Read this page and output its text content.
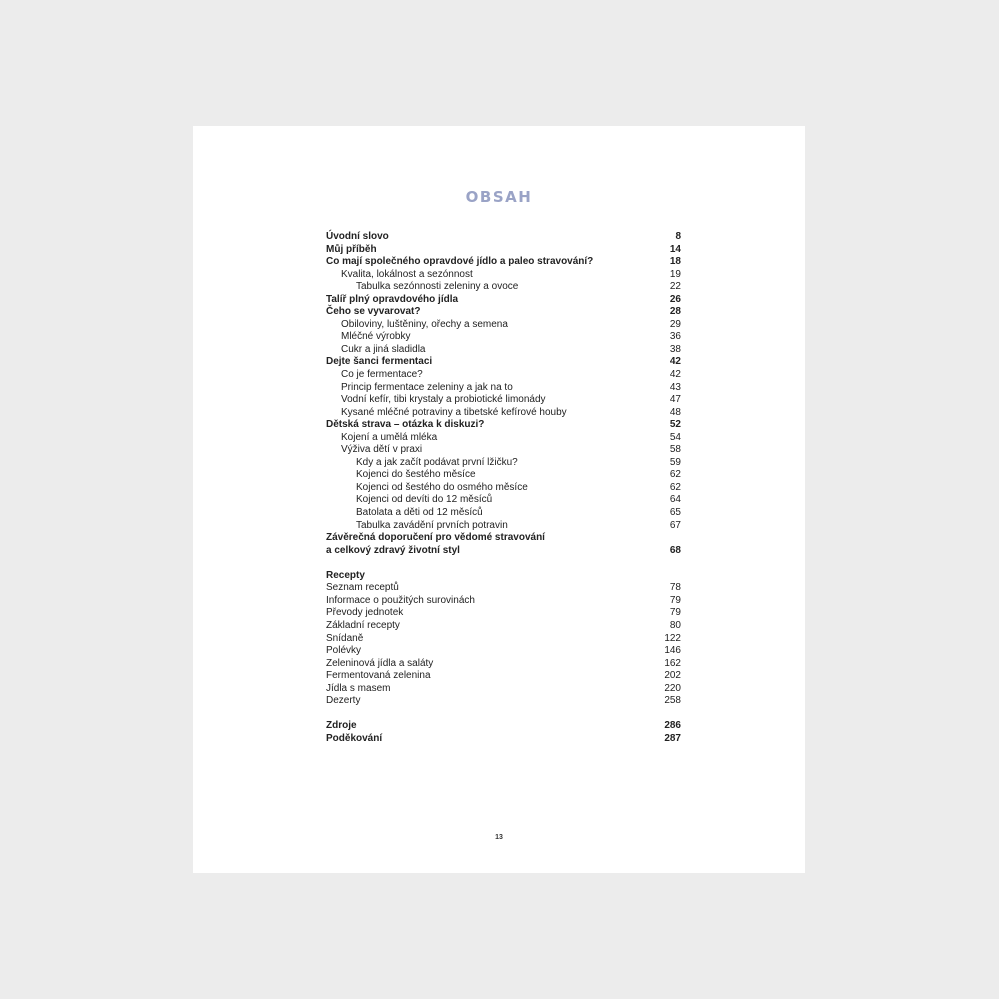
OBSAH
Úvodní slovo	8
Můj příběh	14
Co mají společného opravdové jídlo a paleo stravování?	18
Kvalita, lokálnost a sezónnost	19
Tabulka sezónnosti zeleniny a ovoce	22
Talíř plný opravdového jídla	26
Čeho se vyvarovat?	28
Obiloviny, luštěniny, ořechy a semena	29
Mléčné výrobky	36
Cukr a jiná sladidla	38
Dejte šanci fermentaci	42
Co je fermentace?	42
Princip fermentace zeleniny a jak na to	43
Vodní kefír, tibi krystaly a probiotické limonády	47
Kysané mléčné potraviny a tibetské kefírové houby	48
Dětská strava – otázka k diskuzi?	52
Kojení a umělá mléka	54
Výživa dětí v praxi	58
Kdy a jak začít podávat první lžičku?	59
Kojenci do šestého měsíce	62
Kojenci od šestého do osmého měsíce	62
Kojenci od devíti do 12 měsíců	64
Batolata a děti od 12 měsíců	65
Tabulka zavádění prvních potravin	67
Závěrečná doporučení pro vědomé stravování
a celkový zdravý životní styl	68
Recepty
Seznam receptů	78
Informace o použitých surovinách	79
Převody jednotek	79
Základní recepty	80
Snídaně	122
Polévky	146
Zeleninová jídla a saláty	162
Fermentovaná zelenina	202
Jídla s masem	220
Dezerty	258
Zdroje	286
Poděkování	287
13
